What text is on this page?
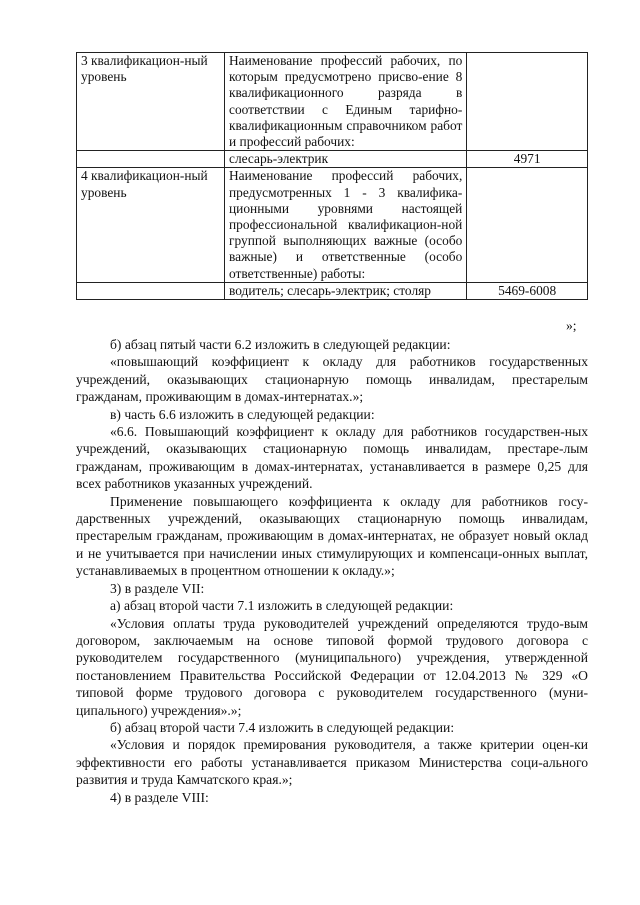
3 квалификацион-ный уровень	Наименование профессий рабочих, по которым предусмотрено присво-ение 8 квалификационного разряда в соответствии с Единым тарифно-квалификационным справочником работ и профессий рабочих:	
	слесарь-электрик	4971
4 квалификацион-ный уровень	Наименование профессий рабочих, предусмотренных 1 - 3 квалифика-ционными уровнями настоящей профессиональной квалификацион-ной группой выполняющих важные (особо важные) и ответственные (особо ответственные) работы:	
	водитель; слесарь-электрик; столяр	5469-6008
»;

б) абзац пятый части 6.2 изложить в следующей редакции:

«повышающий коэффициент к окладу для работников государственных учреждений, оказывающих стационарную помощь инвалидам, престарелым гражданам, проживающим в домах-интернатах.»;

в) часть 6.6 изложить в следующей редакции:

«6.6. Повышающий коэффициент к окладу для работников государствен-ных учреждений, оказывающих стационарную помощь инвалидам, престаре-лым гражданам, проживающим в домах-интернатах, устанавливается в размере 0,25 для всех работников указанных учреждений.

Применение повышающего коэффициента к окладу для работников госу-дарственных учреждений, оказывающих стационарную помощь инвалидам, престарелым гражданам, проживающим в домах-интернатах, не образует новый оклад и не учитывается при начислении иных стимулирующих и компенсаци-онных выплат, устанавливаемых в процентном отношении к окладу.»;

3) в разделе VII:

а) абзац второй части 7.1 изложить в следующей редакции:

«Условия оплаты труда руководителей учреждений определяются трудо-вым договором, заключаемым на основе типовой формой трудового договора с руководителем государственного (муниципального) учреждения, утвержденной постановлением Правительства Российской Федерации от 12.04.2013 № 329 «О типовой форме трудового договора с руководителем государственного (муни-ципального) учреждения».»;

б) абзац второй части 7.4 изложить в следующей редакции:

«Условия и порядок премирования руководителя, а также критерии оцен-ки эффективности его работы устанавливается приказом Министерства соци-ального развития и труда Камчатского края.»;

4) в разделе VIII:
